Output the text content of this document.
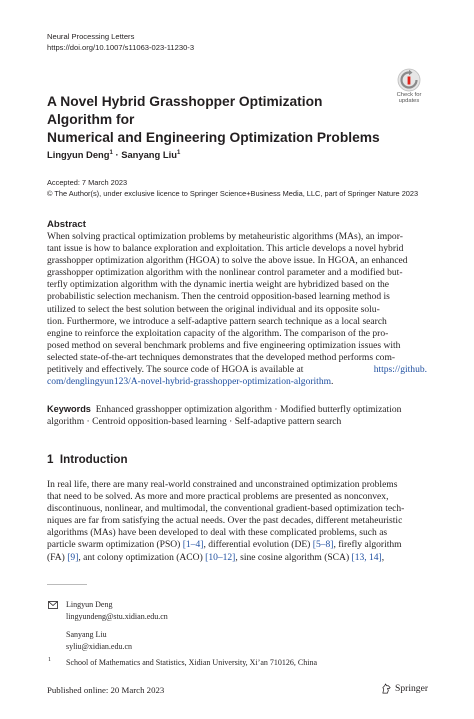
Neural Processing Letters
https://doi.org/10.1007/s11063-023-11230-3
Check for
updates
A Novel Hybrid Grasshopper Optimization Algorithm for
Numerical and Engineering Optimization Problems
Lingyun Deng$^1$ · Sanyang Liu$^1$
Accepted: 7 March 2023
© The Author(s), under exclusive licence to Springer Science+Business Media, LLC, part of Springer Nature 2023
Abstract
When solving practical optimization problems by metaheuristic algorithms (MAs), an impor-
tant issue is how to balance exploration and exploitation. This article develops a novel hybrid
grasshopper optimization algorithm (HGOA) to solve the above issue. In HGOA, an enhanced
grasshopper optimization algorithm with the nonlinear control parameter and a modified but-
terfly optimization algorithm with the dynamic inertia weight are hybridized based on the
probabilistic selection mechanism. Then the centroid opposition-based learning method is
utilized to select the best solution between the original individual and its opposite solu-
tion. Furthermore, we introduce a self-adaptive pattern search technique as a local search
engine to reinforce the exploitation capacity of the algorithm. The comparison of the pro-
posed method on several benchmark problems and five engineering optimization issues with
selected state-of-the-art techniques demonstrates that the developed method performs com-
petitively and effectively. The source code of HGOA is available at	https://github.
com/denglingyun123/A-novel-hybrid-grasshopper-optimization-algorithm.
Keywords Enhanced grasshopper optimization algorithm · Modified butterfly optimization
algorithm · Centroid opposition-based learning · Self-adaptive pattern search
1 Introduction
In real life, there are many real-world constrained and unconstrained optimization problems
that need to be solved. As more and more practical problems are presented as nonconvex,
discontinuous, nonlinear, and multimodal, the conventional gradient-based optimization tech-
niques are far from satisfying the actual needs. Over the past decades, different metaheuristic
algorithms (MAs) have been developed to deal with these complicated problems, such as
particle swarm optimization (PSO) [1–4], differential evolution (DE) [5–8], firefly algorithm
(FA) [9], ant colony optimization (ACO) [10–12], sine cosine algorithm (SCA) [13, 14],
Lingyun Deng
lingyundeng@stu.xidian.edu.cn
Sanyang Liu
syliu@xidian.edu.cn
1 School of Mathematics and Statistics, Xidian University, Xi’an 710126, China
Published online: 20 March 2023	Springer
